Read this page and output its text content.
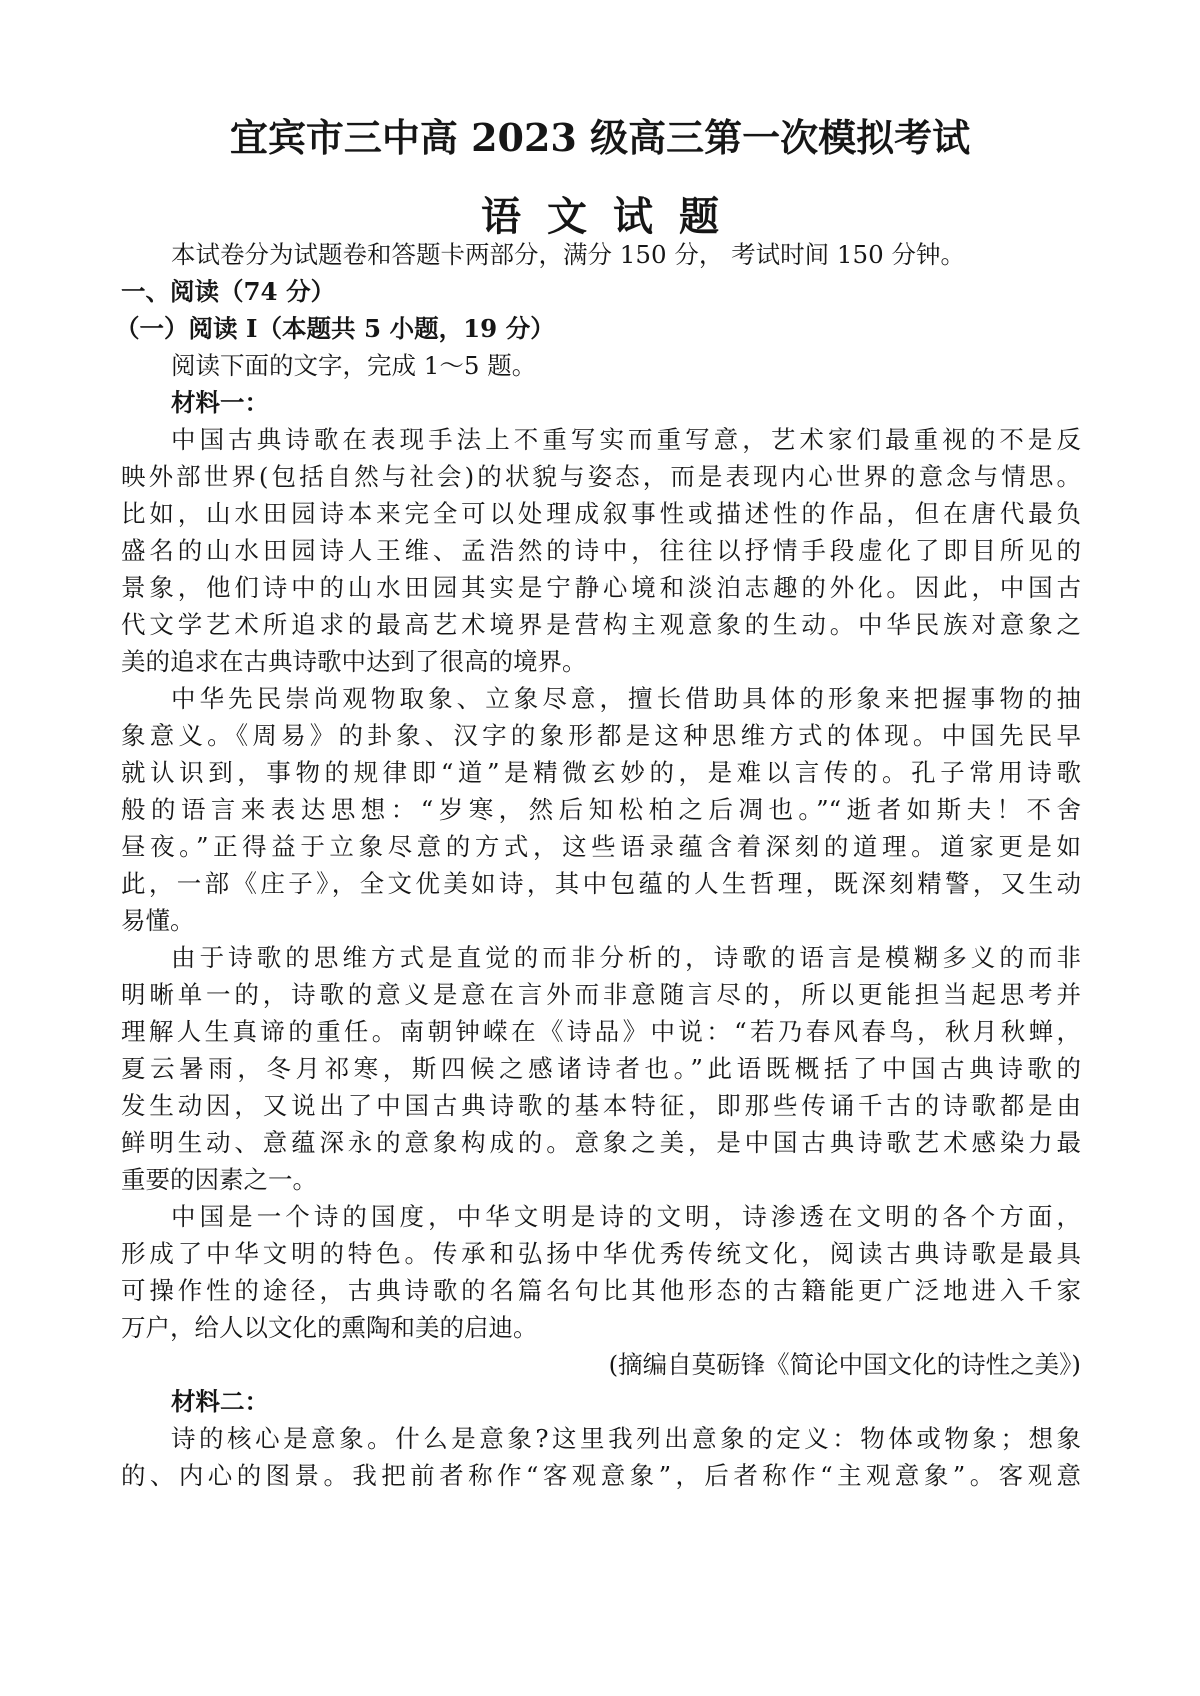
宜宾市三中高 2023 级高三第一次模拟考试
语文试题
本试卷分为试题卷和答题卡两部分，满分 150 分， 考试时间 150 分钟。
一、阅读（74 分）
（一）阅读 I（本题共 5 小题，19 分）
阅读下面的文字，完成 1～5 题。
材料一：
中国古典诗歌在表现手法上不重写实而重写意，艺术家们最重视的不是反
映外部世界(包括自然与社会)的状貌与姿态，而是表现内心世界的意念与情思。
比如，山水田园诗本来完全可以处理成叙事性或描述性的作品，但在唐代最负
盛名的山水田园诗人王维、孟浩然的诗中，往往以抒情手段虚化了即目所见的
景象，他们诗中的山水田园其实是宁静心境和淡泊志趣的外化。因此，中国古
代文学艺术所追求的最高艺术境界是营构主观意象的生动。中华民族对意象之
美的追求在古典诗歌中达到了很高的境界。
中华先民崇尚观物取象、立象尽意，擅长借助具体的形象来把握事物的抽
象意义。《周易》的卦象、汉字的象形都是这种思维方式的体现。中国先民早
就认识到，事物的规律即“道”是精微玄妙的，是难以言传的。孔子常用诗歌
般的语言来表达思想：“岁寒，然后知松柏之后凋也。”“逝者如斯夫！不舍
昼夜。”正得益于立象尽意的方式，这些语录蕴含着深刻的道理。道家更是如
此，一部《庄子》，全文优美如诗，其中包蕴的人生哲理，既深刻精警，又生动
易懂。
由于诗歌的思维方式是直觉的而非分析的，诗歌的语言是模糊多义的而非
明晰单一的，诗歌的意义是意在言外而非意随言尽的，所以更能担当起思考并
理解人生真谛的重任。南朝钟嵘在《诗品》中说：“若乃春风春鸟，秋月秋蝉，
夏云暑雨，冬月祁寒，斯四候之感诸诗者也。”此语既概括了中国古典诗歌的
发生动因，又说出了中国古典诗歌的基本特征，即那些传诵千古的诗歌都是由
鲜明生动、意蕴深永的意象构成的。意象之美，是中国古典诗歌艺术感染力最
重要的因素之一。
中国是一个诗的国度，中华文明是诗的文明，诗渗透在文明的各个方面，
形成了中华文明的特色。传承和弘扬中华优秀传统文化，阅读古典诗歌是最具
可操作性的途径，古典诗歌的名篇名句比其他形态的古籍能更广泛地进入千家
万户，给人以文化的熏陶和美的启迪。
(摘编自莫砺锋《简论中国文化的诗性之美》)
材料二：
诗的核心是意象。什么是意象?这里我列出意象的定义：物体或物象；想象
的、内心的图景。我把前者称作“客观意象”，后者称作“主观意象”。客观意
